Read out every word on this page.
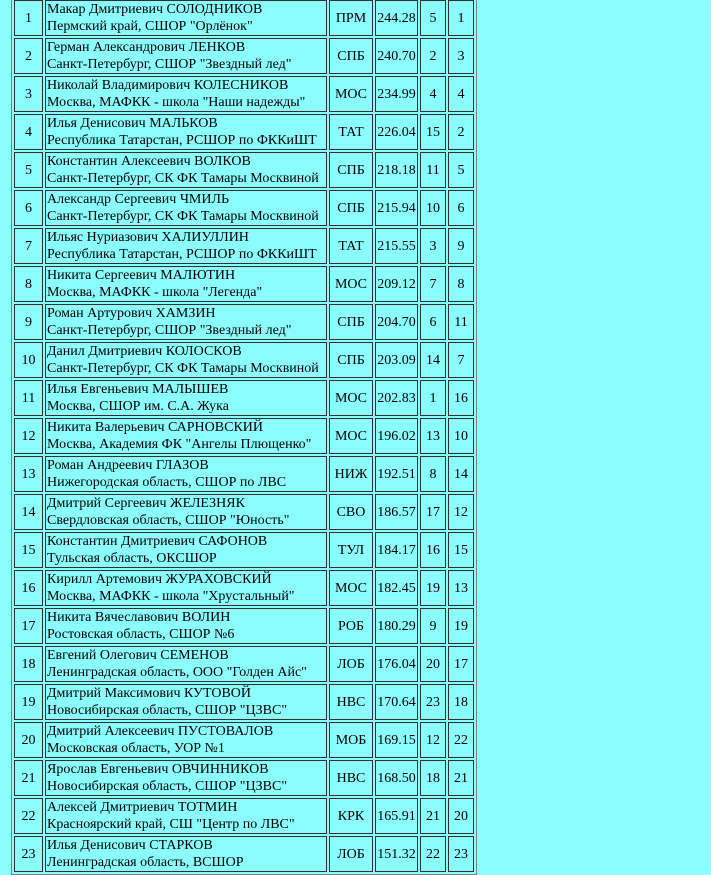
1	Макар Дмитриевич СОЛОДНИКОВ
Пермский край, СШОР "Орлёнок"	ПРМ	244.28	5	1
2	Герман Александрович ЛЕНКОВ
Санкт-Петербург, СШОР "Звездный лед"	СПБ	240.70	2	3
3	Николай Владимирович КОЛЕСНИКОВ
Москва, МАФКК - школа "Наши надежды"	МОС	234.99	4	4
4	Илья Денисович МАЛЬКОВ
Республика Татарстан, РСШОР по ФККиШТ	ТАТ	226.04	15	2
5	Константин Алексеевич ВОЛКОВ
Санкт-Петербург, СК ФК Тамары Москвиной	СПБ	218.18	11	5
6	Александр Сергеевич ЧМИЛЬ
Санкт-Петербург, СК ФК Тамары Москвиной	СПБ	215.94	10	6
7	Ильяс Нуриазович ХАЛИУЛЛИН
Республика Татарстан, РСШОР по ФККиШТ	ТАТ	215.55	3	9
8	Никита Сергеевич МАЛЮТИН
Москва, МАФКК - школа "Легенда"	МОС	209.12	7	8
9	Роман Артурович ХАМЗИН
Санкт-Петербург, СШОР "Звездный лед"	СПБ	204.70	6	11
10	Данил Дмитриевич КОЛОСКОВ
Санкт-Петербург, СК ФК Тамары Москвиной	СПБ	203.09	14	7
11	Илья Евгеньевич МАЛЫШЕВ
Москва, СШОР им. С.А. Жука	МОС	202.83	1	16
12	Никита Валерьевич САРНОВСКИЙ
Москва, Академия ФК "Ангелы Плющенко"	МОС	196.02	13	10
13	Роман Андреевич ГЛАЗОВ
Нижегородская область, СШОР по ЛВС	НИЖ	192.51	8	14
14	Дмитрий Сергеевич ЖЕЛЕЗНЯК
Свердловская область, СШОР "Юность"	СВО	186.57	17	12
15	Константин Дмитриевич САФОНОВ
Тульская область, ОКСШОР	ТУЛ	184.17	16	15
16	Кирилл Артемович ЖУРАХОВСКИЙ
Москва, МАФКК - школа "Хрустальный"	МОС	182.45	19	13
17	Никита Вячеславович ВОЛИН
Ростовская область, СШОР №6	РОБ	180.29	9	19
18	Евгений Олегович СЕМЕНОВ
Ленинградская область, ООО "Голден Айс"	ЛОБ	176.04	20	17
19	Дмитрий Максимович КУТОВОЙ
Новосибирская область, СШОР "ЦЗВС"	НВС	170.64	23	18
20	Дмитрий Алексеевич ПУСТОВАЛОВ
Московская область, УОР №1	МОБ	169.15	12	22
21	Ярослав Евгеньевич ОВЧИННИКОВ
Новосибирская область, СШОР "ЦЗВС"	НВС	168.50	18	21
22	Алексей Дмитриевич ТОТМИН
Красноярский край, СШ "Центр по ЛВС"	КРК	165.91	21	20
23	Илья Денисович СТАРКОВ
Ленинградская область, ВСШОР	ЛОБ	151.32	22	23
